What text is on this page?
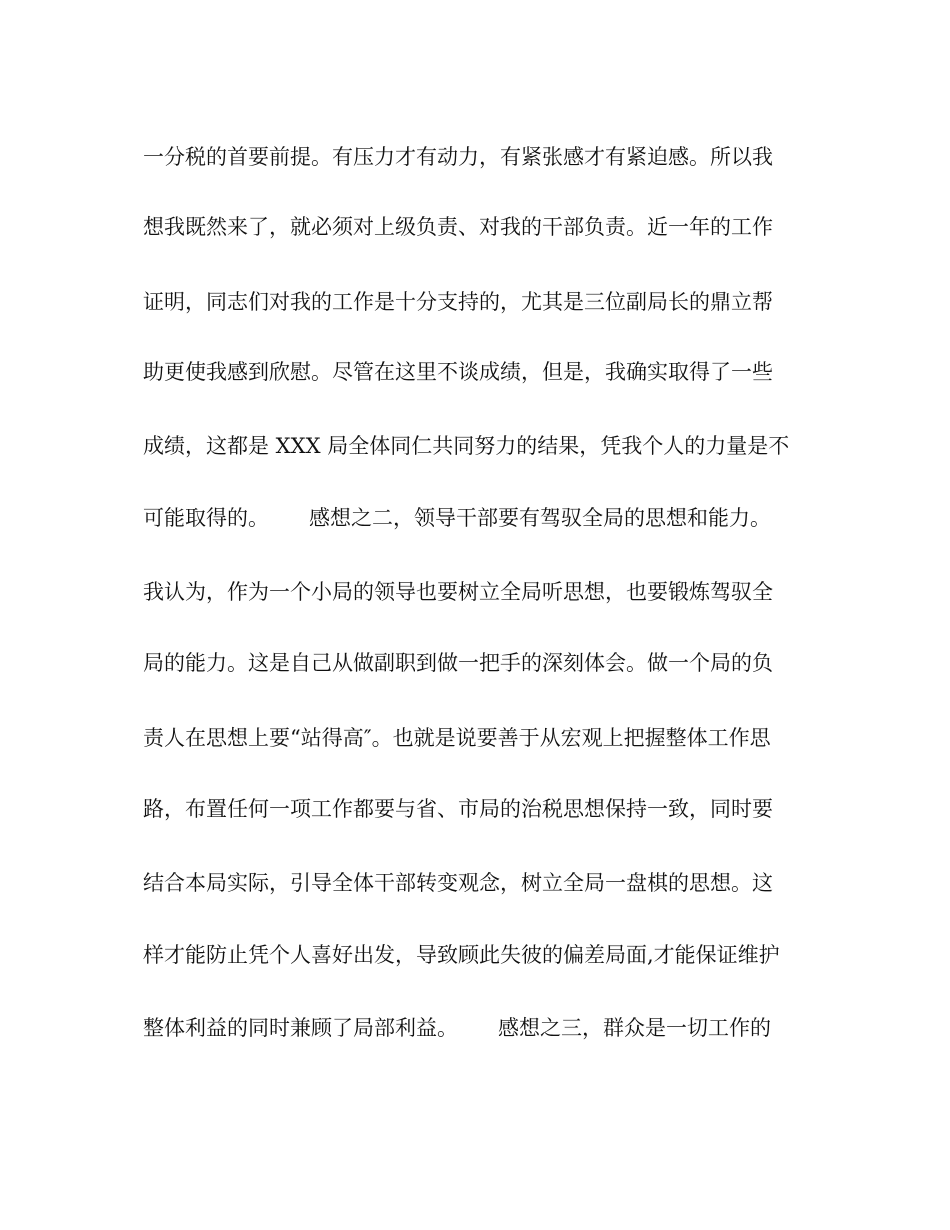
一分税的首要前提。有压力才有动力，有紧张感才有紧迫感。所以我
想我既然来了，就必须对上级负责、对我的干部负责。近一年的工作
证明，同志们对我的工作是十分支持的，尤其是三位副局长的鼎立帮
助更使我感到欣慰。尽管在这里不谈成绩，但是，我确实取得了一些
成绩，这都是 XXX 局全体同仁共同努力的结果，凭我个人的力量是不
可能取得的。      感想之二，领导干部要有驾驭全局的思想和能力。
我认为，作为一个小局的领导也要树立全局听思想，也要锻炼驾驭全
局的能力。这是自己从做副职到做一把手的深刻体会。做一个局的负
责人在思想上要“站得高″。也就是说要善于从宏观上把握整体工作思
路，布置任何一项工作都要与省、市局的治税思想保持一致，同时要
结合本局实际，引导全体干部转变观念，树立全局一盘棋的思想。这
样才能防止凭个人喜好出发，导致顾此失彼的偏差局面,才能保证维护
整体利益的同时兼顾了局部利益。      感想之三，群众是一切工作的
